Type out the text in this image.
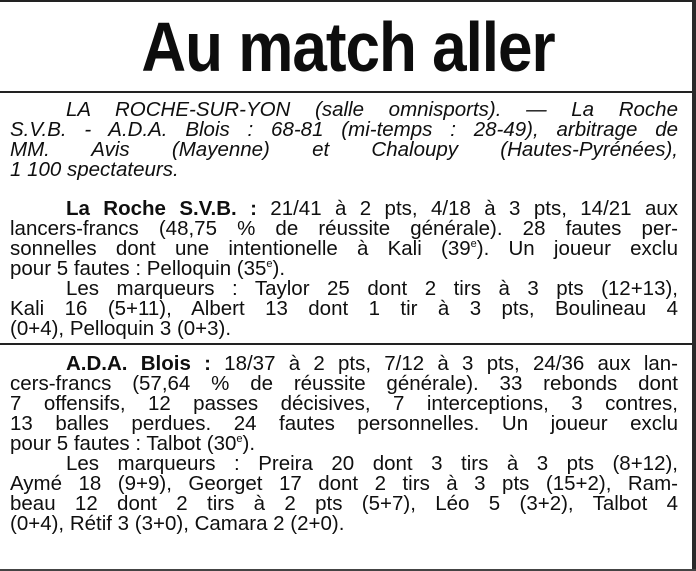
Au match aller
LA ROCHE-SUR-YON (salle omnisports). — La Roche
S.V.B. - A.D.A. Blois : 68-81 (mi-temps : 28-49), arbitrage de
MM. Avis (Mayenne) et Chaloupy (Hautes-Pyrénées),
1 100 spectateurs.
La Roche S.V.B. : 21/41 à 2 pts, 4/18 à 3 pts, 14/21 aux
lancers-francs (48,75 % de réussite générale). 28 fautes per-
sonnelles dont une intentionelle à Kali (39e). Un joueur exclu
pour 5 fautes : Pelloquin (35e).
Les marqueurs : Taylor 25 dont 2 tirs à 3 pts (12+13),
Kali 16 (5+11), Albert 13 dont 1 tir à 3 pts, Boulineau 4
(0+4), Pelloquin 3 (0+3).
A.D.A. Blois : 18/37 à 2 pts, 7/12 à 3 pts, 24/36 aux lan-
cers-francs (57,64 % de réussite générale). 33 rebonds dont
7 offensifs, 12 passes décisives, 7 interceptions, 3 contres,
13 balles perdues. 24 fautes personnelles. Un joueur exclu
pour 5 fautes : Talbot (30e).
Les marqueurs : Preira 20 dont 3 tirs à 3 pts (8+12),
Aymé 18 (9+9), Georget 17 dont 2 tirs à 3 pts (15+2), Ram-
beau 12 dont 2 tirs à 2 pts (5+7), Léo 5 (3+2), Talbot 4
(0+4), Rétif 3 (3+0), Camara 2 (2+0).
